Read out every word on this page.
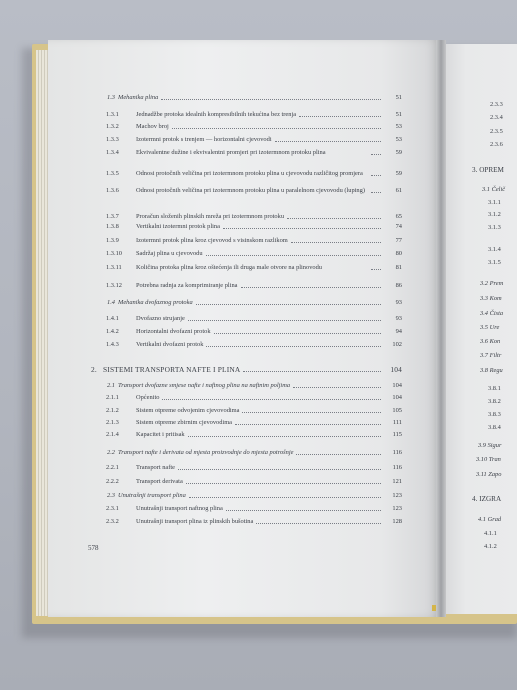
1.3 Mehanika plina	51
1.3.1	Jednadžbe protoka idealnih kompresibilnih tekućina bez trenja	51
1.3.2	Machov broj	53
1.3.3	Izotermni protok s trenjem — horizontalni cjevovodi	53
1.3.4	Ekvivalentne dužine i ekvivalentni promjeri pri izotermnom protoku plina	59
1.3.5	Odnosi protočnih veličina pri izotermnom protoku plina u cjevovodu različitog promjera	59
1.3.6	Odnosi protočnih veličina pri izotermnom protoku plina u paralelnom cjevovodu (luping)	61
1.3.7	Proračun složenih plinskih mreža pri izotermnom protoku	65
1.3.8	Vertikalni izotermni protok plina	74
1.3.9	Izotermni protok plina kroz cjevovod s visinskom razlikom	77
1.3.10	Sadržaj plina u cjevovodu	80
1.3.11	Količina protoka plina kroz oštećenja ili druga male otvore na plinovodu	81
1.3.12	Potrebna radnja za komprimiranje plina	86
1.4 Mehanika dvofaznog protoka	93
1.4.1	Dvofazno strujanje	93
1.4.2	Horizontalni dvofazni protok	94
1.4.3	Vertikalni dvofazni protok	102
2. SISTEMI TRANSPORTA NAFTE I PLINA	104
2.1 Transport dvofazne smjese nafte i naftnog plina na naftnim poljima	104
2.1.1	Općenito	104
2.1.2	Sistem otpreme odvojenim cjevovodima	105
2.1.3	Sistem otpreme zbirnim cjevovodima	111
2.1.4	Kapacitet i pritisak	115
2.2 Transport nafte i derivata od mjesta proizvodnje do mjesta potrošnje	116
2.2.1	Transport nafte	116
2.2.2	Transport derivata	121
2.3 Unutrašnji transport plina	123
2.3.1	Unutrašnji transport naftnog plina	123
2.3.2	Unutrašnji transport plina iz plinskih bušotina	128
578
2.3.3
2.3.4
2.3.5
2.3.6
3. OPREM
3.1 Čelič
3.1.1
3.1.2
3.1.3
3.1.4
3.1.5
3.2 Prem
3.3 Kom
3.4 Čista
3.5 Ure
3.6 Kon
3.7 Filtr
3.8 Regu
3.8.1
3.8.2
3.8.3
3.8.4
3.9 Sigur
3.10 Tran
3.11 Zapo
4. IZGRA
4.1 Grad
4.1.1
4.1.2
